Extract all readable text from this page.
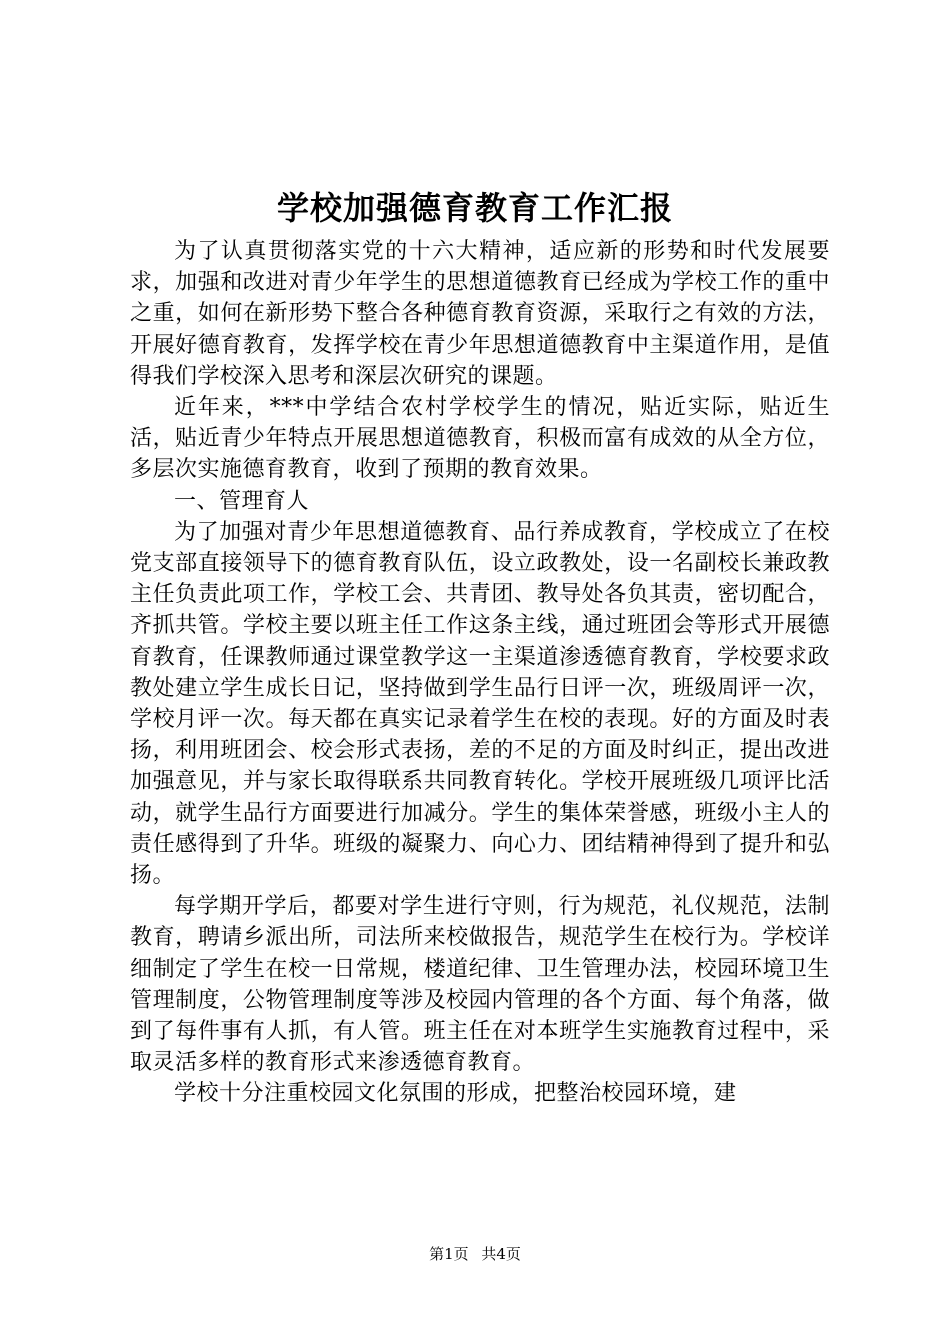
学校加强德育教育工作汇报

为了认真贯彻落实党的十六大精神，适应新的形势和时代发展要求，加强和改进对青少年学生的思想道德教育已经成为学校工作的重中之重，如何在新形势下整合各种德育教育资源，采取行之有效的方法，开展好德育教育，发挥学校在青少年思想道德教育中主渠道作用，是值得我们学校深入思考和深层次研究的课题。

近年来，***中学结合农村学校学生的情况，贴近实际，贴近生活，贴近青少年特点开展思想道德教育，积极而富有成效的从全方位，多层次实施德育教育，收到了预期的教育效果。

一、管理育人

为了加强对青少年思想道德教育、品行养成教育，学校成立了在校党支部直接领导下的德育教育队伍，设立政教处，设一名副校长兼政教主任负责此项工作，学校工会、共青团、教导处各负其责，密切配合，齐抓共管。学校主要以班主任工作这条主线，通过班团会等形式开展德育教育，任课教师通过课堂教学这一主渠道渗透德育教育，学校要求政教处建立学生成长日记，坚持做到学生品行日评一次，班级周评一次，学校月评一次。每天都在真实记录着学生在校的表现。好的方面及时表扬，利用班团会、校会形式表扬，差的不足的方面及时纠正，提出改进加强意见，并与家长取得联系共同教育转化。学校开展班级几项评比活动，就学生品行方面要进行加减分。学生的集体荣誉感，班级小主人的责任感得到了升华。班级的凝聚力、向心力、团结精神得到了提升和弘扬。

每学期开学后，都要对学生进行守则，行为规范，礼仪规范，法制教育，聘请乡派出所，司法所来校做报告，规范学生在校行为。学校详细制定了学生在校一日常规，楼道纪律、卫生管理办法，校园环境卫生管理制度，公物管理制度等涉及校园内管理的各个方面、每个角落，做到了每件事有人抓，有人管。班主任在对本班学生实施教育过程中，采取灵活多样的教育形式来渗透德育教育。

学校十分注重校园文化氛围的形成，把整治校园环境，建

第1页 共4页
